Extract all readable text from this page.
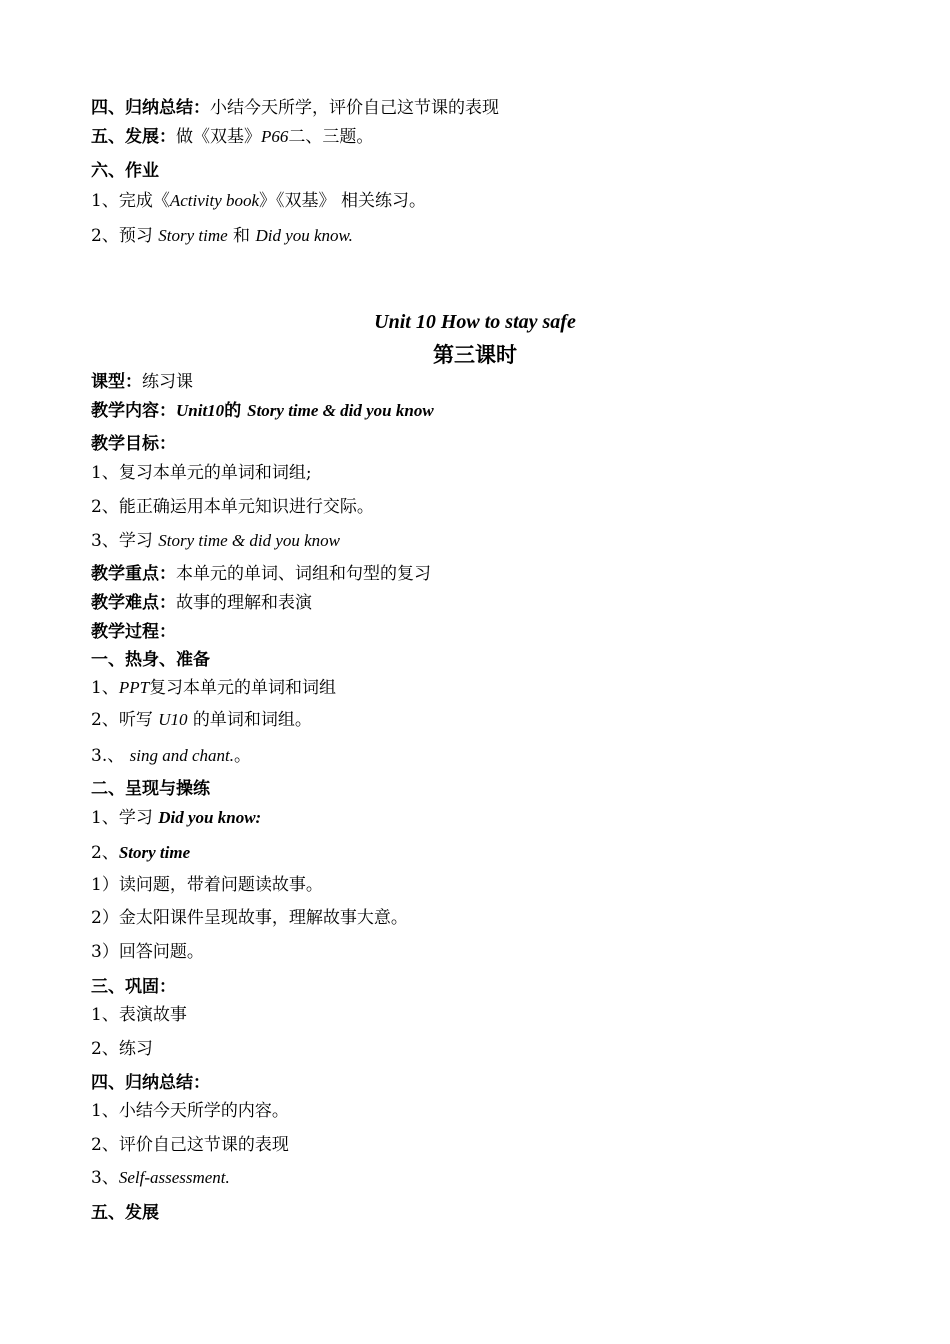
四、归纳总结：小结今天所学，评价自己这节课的表现
五、发展：做《双基》P66二、三题。
六、作业
1、完成《Activity book》《双基》 相关练习。
2、预习 Story time 和 Did you know.
Unit 10 How to stay safe
第三课时
课型：练习课
教学内容：Unit10的 Story time & did you know
教学目标：
1、复习本单元的单词和词组;
2、能正确运用本单元知识进行交际。
3、学习 Story time & did you know
教学重点：本单元的单词、词组和句型的复习
教学难点：故事的理解和表演
教学过程：
一、热身、准备
1、PPT复习本单元的单词和词组
2、听写 U10 的单词和词组。
3.、 sing and chant.。
二、呈现与操练
1、学习 Did you know:
2、Story time
1）读问题，带着问题读故事。
2）金太阳课件呈现故事，理解故事大意。
3）回答问题。
三、巩固：
1、表演故事
2、练习
四、归纳总结：
1、小结今天所学的内容。
2、评价自己这节课的表现
3、Self-assessment.
五、发展
